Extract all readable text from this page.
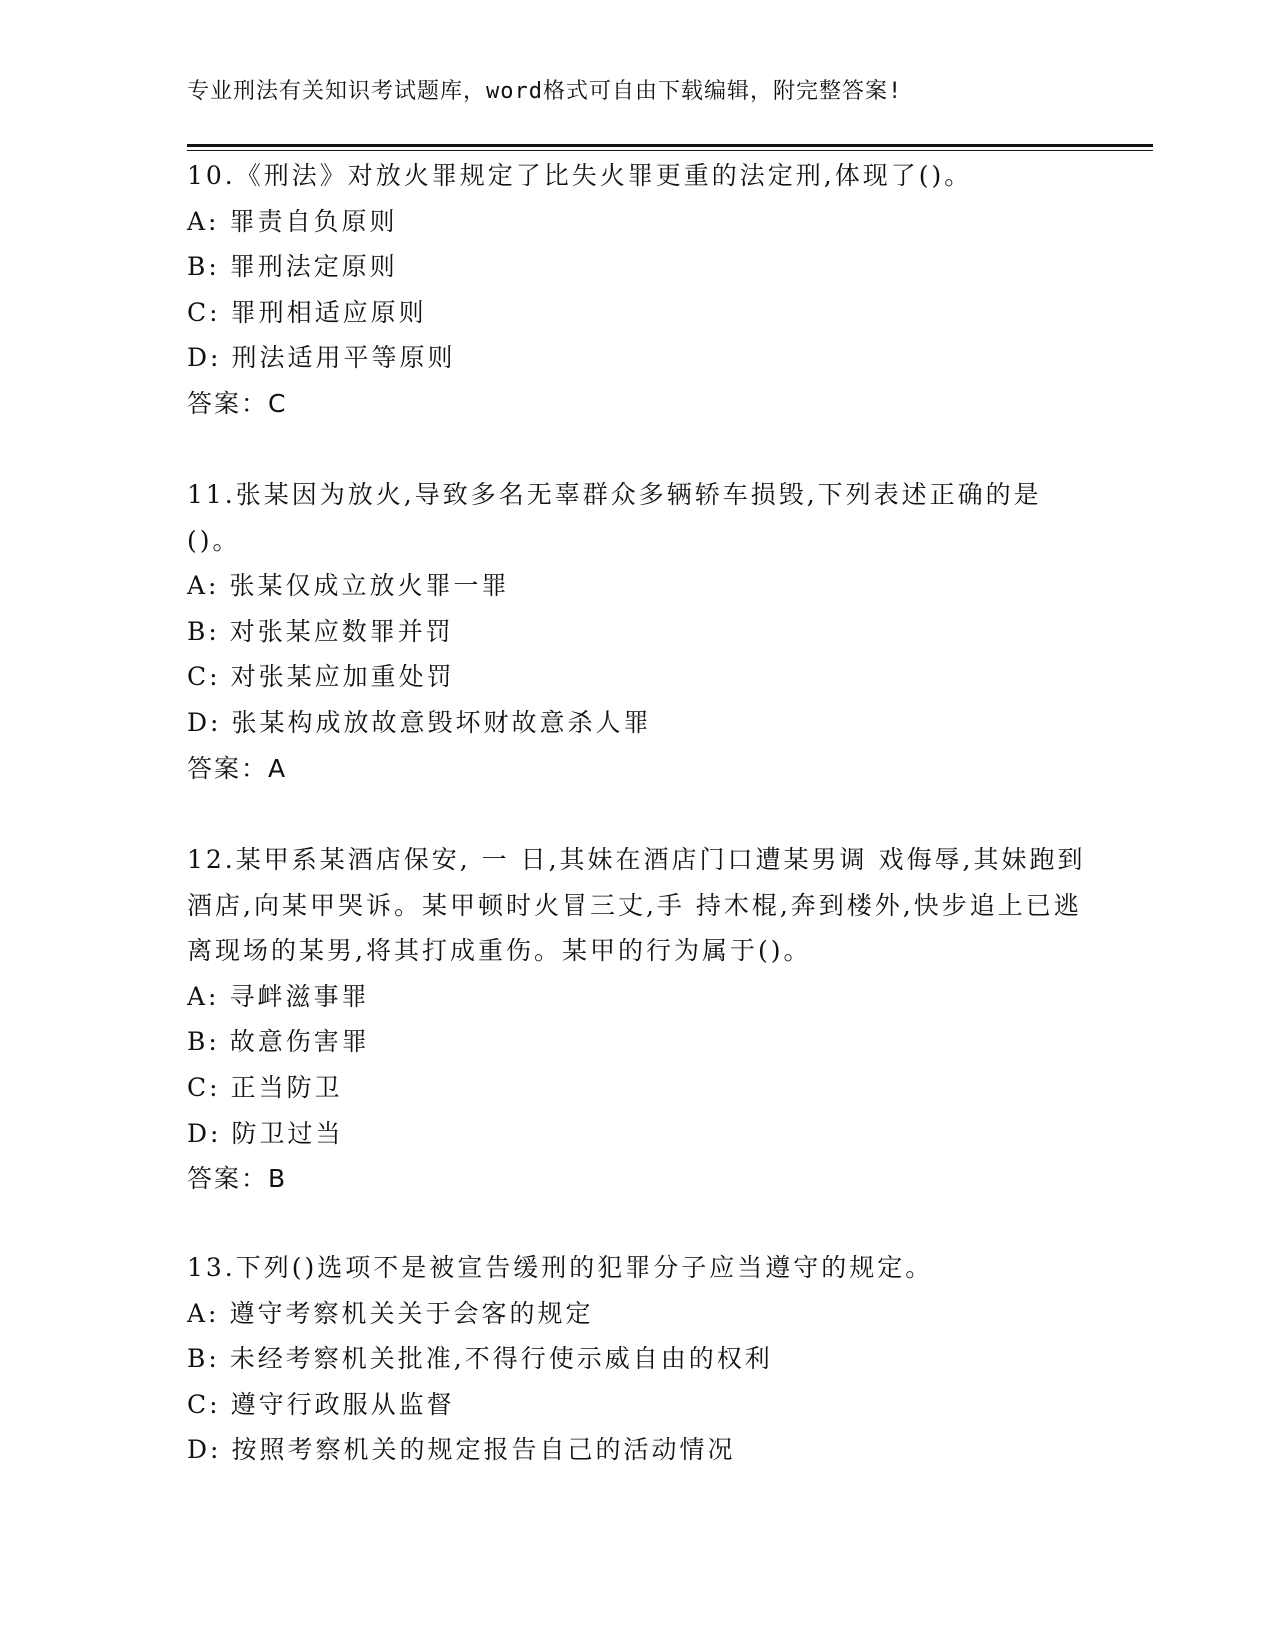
专业刑法有关知识考试题库，word格式可自由下载编辑，附完整答案!
10.《刑法》对放火罪规定了比失火罪更重的法定刑,体现了()。
A: 罪责自负原则
B: 罪刑法定原则
C: 罪刑相适应原则
D: 刑法适用平等原则
答案：C
11.张某因为放火,导致多名无辜群众多辆轿车损毁,下列表述正确的是()。
A: 张某仅成立放火罪一罪
B: 对张某应数罪并罚
C: 对张某应加重处罚
D: 张某构成放故意毁坏财故意杀人罪
答案：A
12.某甲系某酒店保安, 一 日,其妹在酒店门口遭某男调 戏侮辱,其妹跑到酒店,向某甲哭诉。某甲顿时火冒三丈,手 持木棍,奔到楼外,快步追上已逃离现场的某男,将其打成重伤。某甲的行为属于()。
A: 寻衅滋事罪
B: 故意伤害罪
C: 正当防卫
D: 防卫过当
答案：B
13.下列()选项不是被宣告缓刑的犯罪分子应当遵守的规定。
A: 遵守考察机关关于会客的规定
B: 未经考察机关批准,不得行使示威自由的权利
C: 遵守行政服从监督
D: 按照考察机关的规定报告自己的活动情况
